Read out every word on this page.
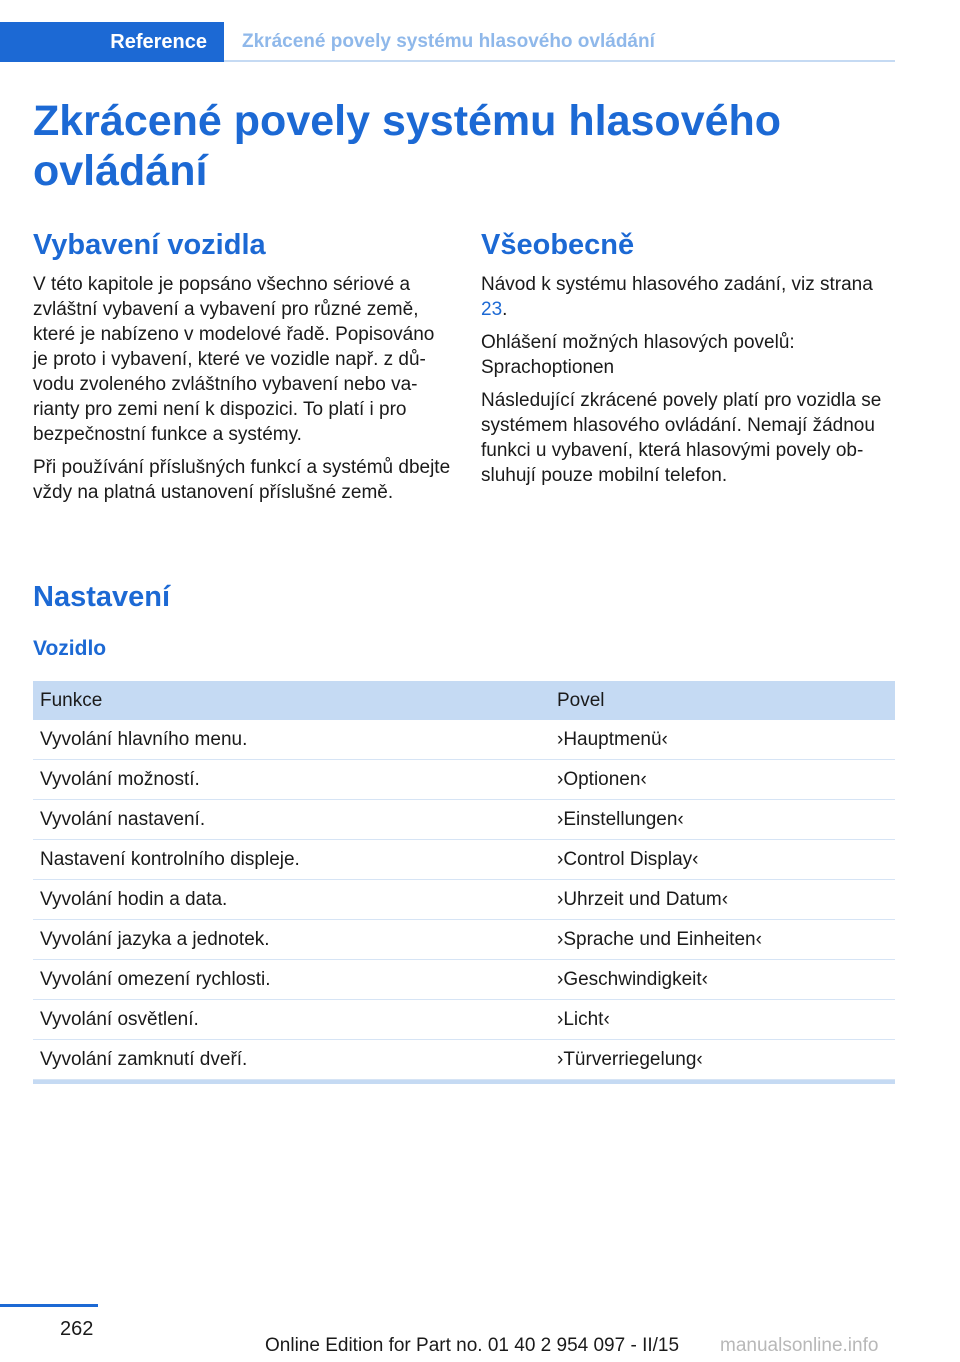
Reference	Zkrácené povely systému hlasového ovládání
Zkrácené povely systému hlasového ovládání
Vybavení vozidla

V této kapitole je popsáno všechno sériové a zvláštní vybavení a vybavení pro různé země, které je nabízeno v modelové řadě. Popisováno je proto i vybavení, které ve vozidle např. z důvodu zvoleného zvláštního vybavení nebo varianty pro zemi není k dispozici. To platí i pro bezpečnostní funkce a systémy.

Při používání příslušných funkcí a systémů dbejte vždy na platná ustanovení příslušné země.

Všeobecně

Návod k systému hlasového zadání, viz strana 23.

Ohlášení možných hlasových povelů: Sprachoptionen

Následující zkrácené povely platí pro vozidla se systémem hlasového ovládání. Nemají žádnou funkci u vybavení, která hlasovými povely obsluhují pouze mobilní telefon.

Nastavení
Vozidlo
Funkce	Povel
Vyvolání hlavního menu.	›Hauptmenü‹
Vyvolání možností.	›Optionen‹
Vyvolání nastavení.	›Einstellungen‹
Nastavení kontrolního displeje.	›Control Display‹
Vyvolání hodin a data.	›Uhrzeit und Datum‹
Vyvolání jazyka a jednotek.	›Sprache und Einheiten‹
Vyvolání omezení rychlosti.	›Geschwindigkeit‹
Vyvolání osvětlení.	›Licht‹
Vyvolání zamknutí dveří.	›Türverriegelung‹
262
Online Edition for Part no. 01 40 2 954 097 - II/15 manualsonline.info
